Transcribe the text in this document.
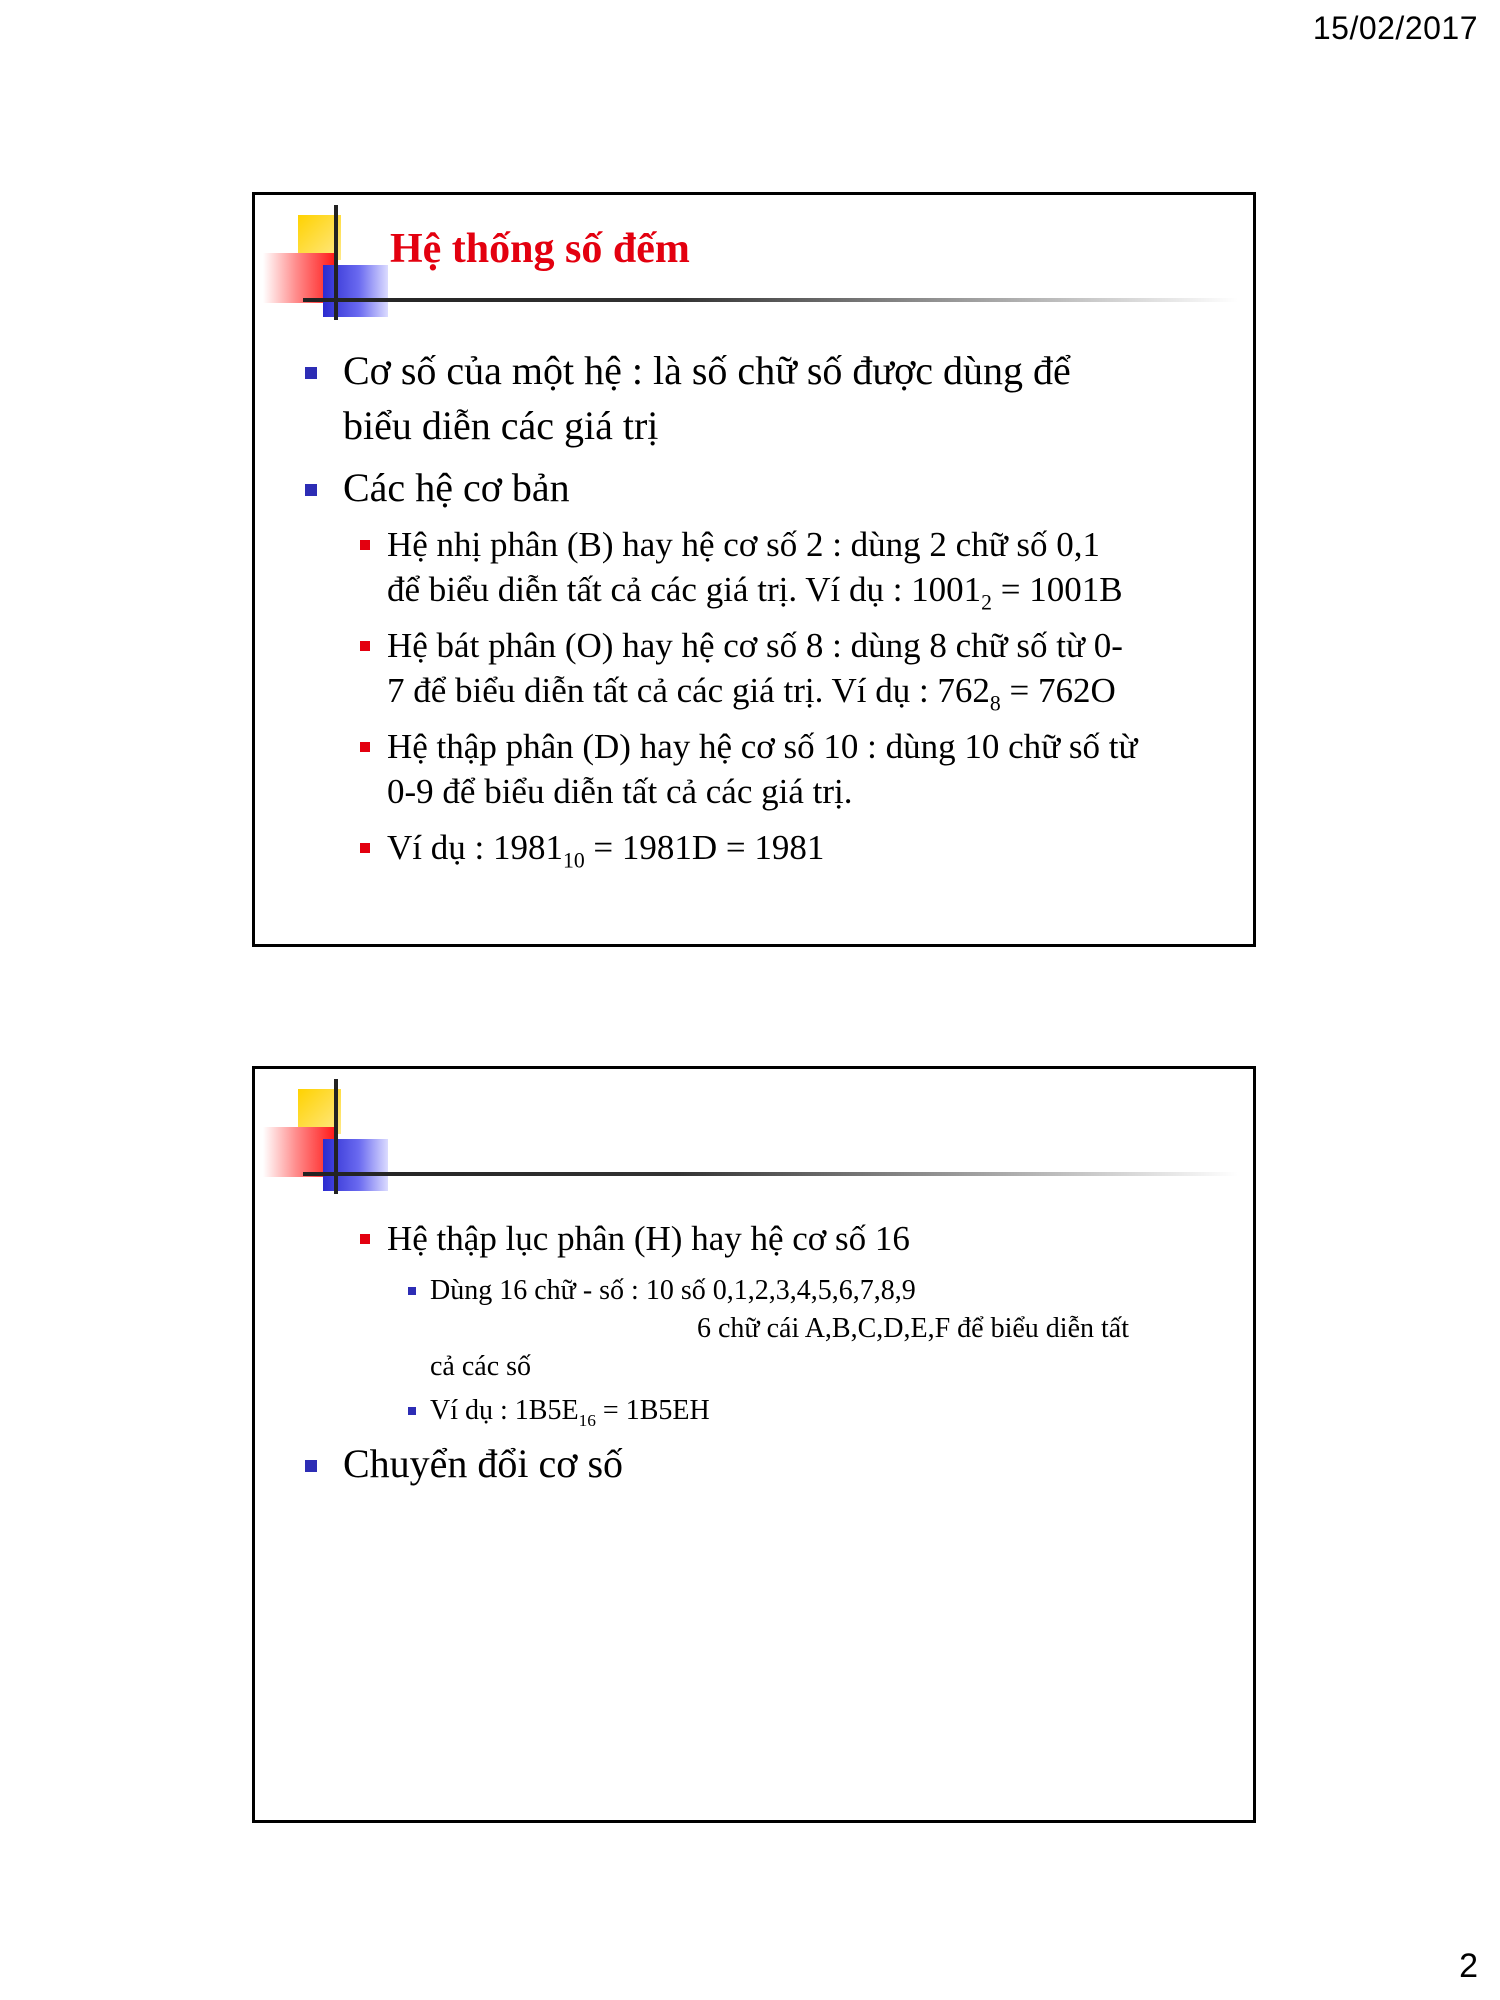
15/02/2017
Hệ thống số đếm
Cơ số của một hệ : là số chữ số được dùng để
biểu diễn các giá trị
Các hệ cơ bản
Hệ nhị phân (B) hay hệ cơ số 2 : dùng 2 chữ số 0,1
để biểu diễn tất cả các giá trị. Ví dụ : $1001_2 = 1001B$
Hệ bát phân (O) hay hệ cơ số 8 : dùng 8 chữ số từ 0-
7 để biểu diễn tất cả các giá trị. Ví dụ : $762_8 = 762O$
Hệ thập phân (D) hay hệ cơ số 10 : dùng 10 chữ số từ
0-9 để biểu diễn tất cả các giá trị.
Ví dụ : $1981_{10} = 1981D = 1981$
Hệ thập lục phân (H) hay hệ cơ số 16
Dùng 16 chữ - số : 10 số 0,1,2,3,4,5,6,7,8,9
6 chữ cái A,B,C,D,E,F để biểu diễn tất
cả các số
Ví dụ : $1B5E_{16} = 1B5EH$
Chuyển đổi cơ số
2
